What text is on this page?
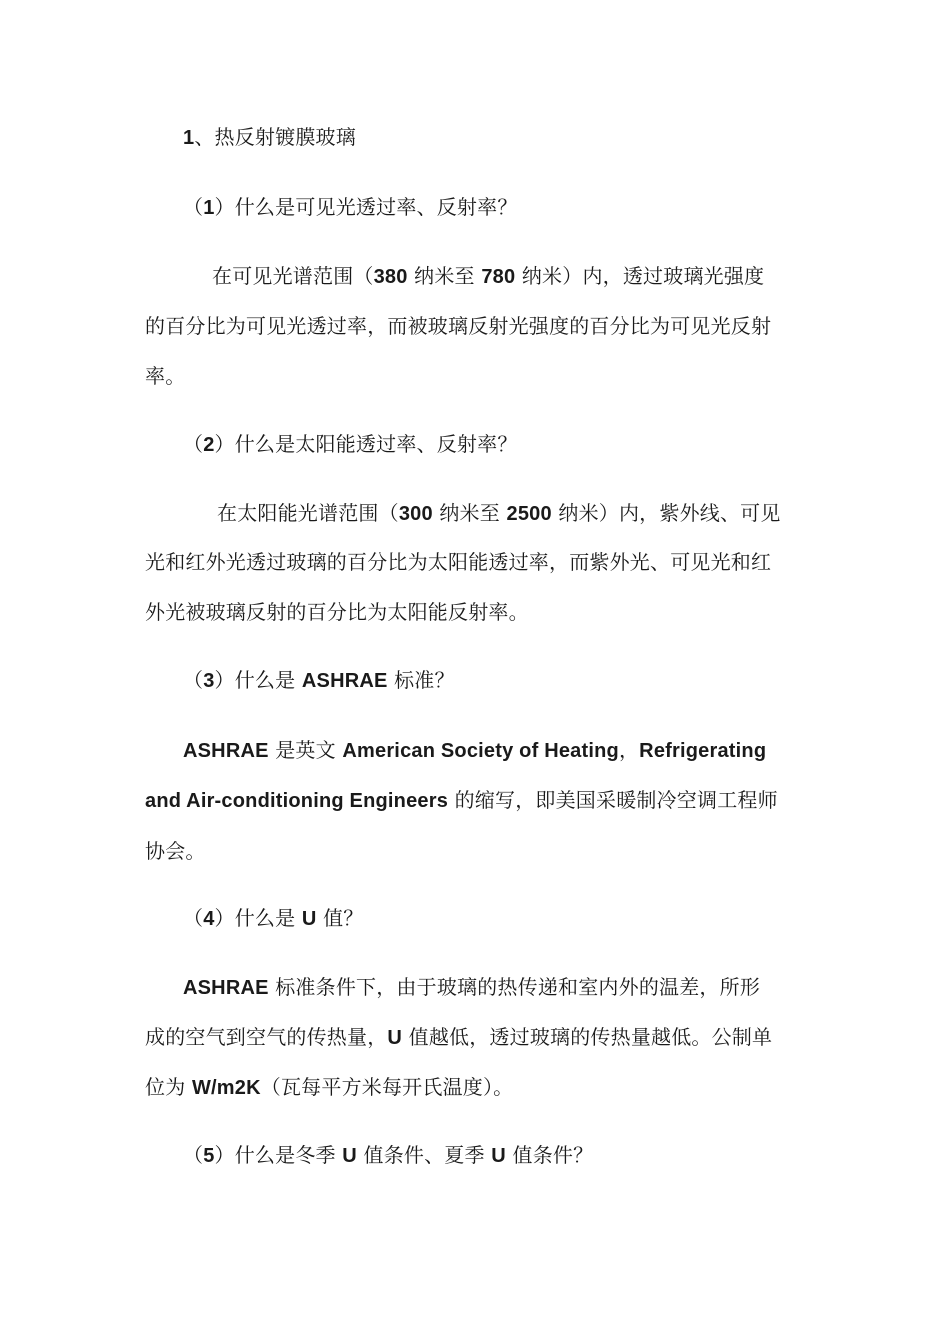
1、热反射镀膜玻璃
（1）什么是可见光透过率、反射率？
在可见光谱范围（380 纳米至 780 纳米）内，透过玻璃光强度
的百分比为可见光透过率，而被玻璃反射光强度的百分比为可见光反射
率。
（2）什么是太阳能透过率、反射率？
在太阳能光谱范围（300 纳米至 2500 纳米）内，紫外线、可见
光和红外光透过玻璃的百分比为太阳能透过率，而紫外光、可见光和红
外光被玻璃反射的百分比为太阳能反射率。
（3）什么是 ASHRAE 标准？
ASHRAE 是英文 American Society of Heating，Refrigerating
and Air-conditioning Engineers 的缩写，即美国采暖制冷空调工程师
协会。
（4）什么是 U 值？
ASHRAE 标准条件下，由于玻璃的热传递和室内外的温差，所形
成的空气到空气的传热量，U 值越低，透过玻璃的传热量越低。公制单
位为 W/m2K（瓦每平方米每开氏温度）。
（5）什么是冬季 U 值条件、夏季 U 值条件？
